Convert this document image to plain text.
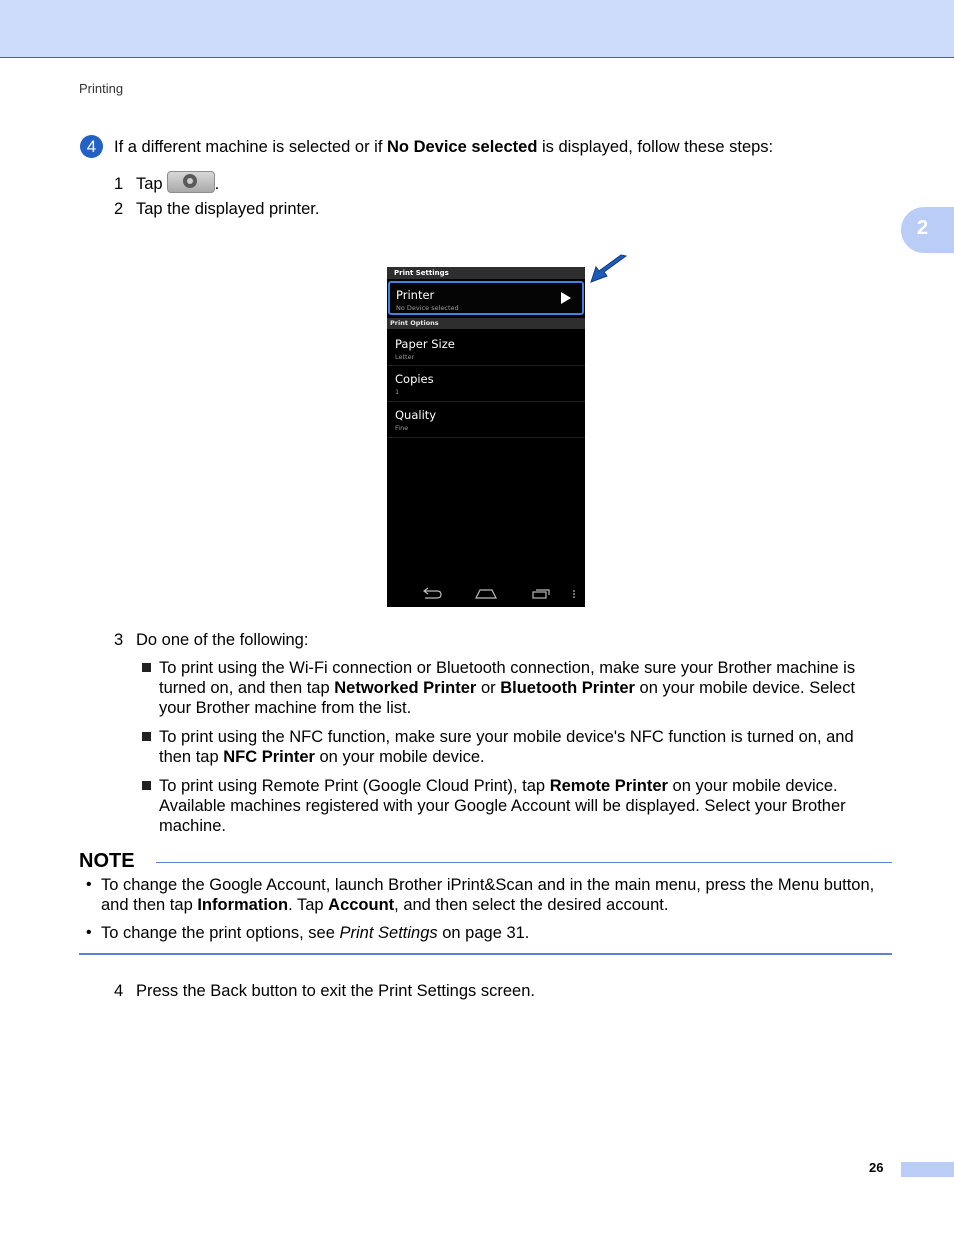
Printing
2
4	If a different machine is selected or if No Device selected is displayed, follow these steps:
1 Tap	.
2 Tap the displayed printer.
Print Settings
Printer
No Device selected
Print Options
Paper Size
Letter
Copies
1
Quality
Fine
3 Do one of the following:
To print using the Wi-Fi connection or Bluetooth connection, make sure your Brother machine is
turned on, and then tap Networked Printer or Bluetooth Printer on your mobile device. Select
your Brother machine from the list.
To print using the NFC function, make sure your mobile device's NFC function is turned on, and
then tap NFC Printer on your mobile device.
To print using Remote Print (Google Cloud Print), tap Remote Printer on your mobile device.
Available machines registered with your Google Account will be displayed. Select your Brother
machine.
NOTE
• To change the Google Account, launch Brother iPrint&Scan and in the main menu, press the Menu button,
and then tap Information. Tap Account, and then select the desired account.
• To change the print options, see Print Settings on page 31.
4 Press the Back button to exit the Print Settings screen.
26
